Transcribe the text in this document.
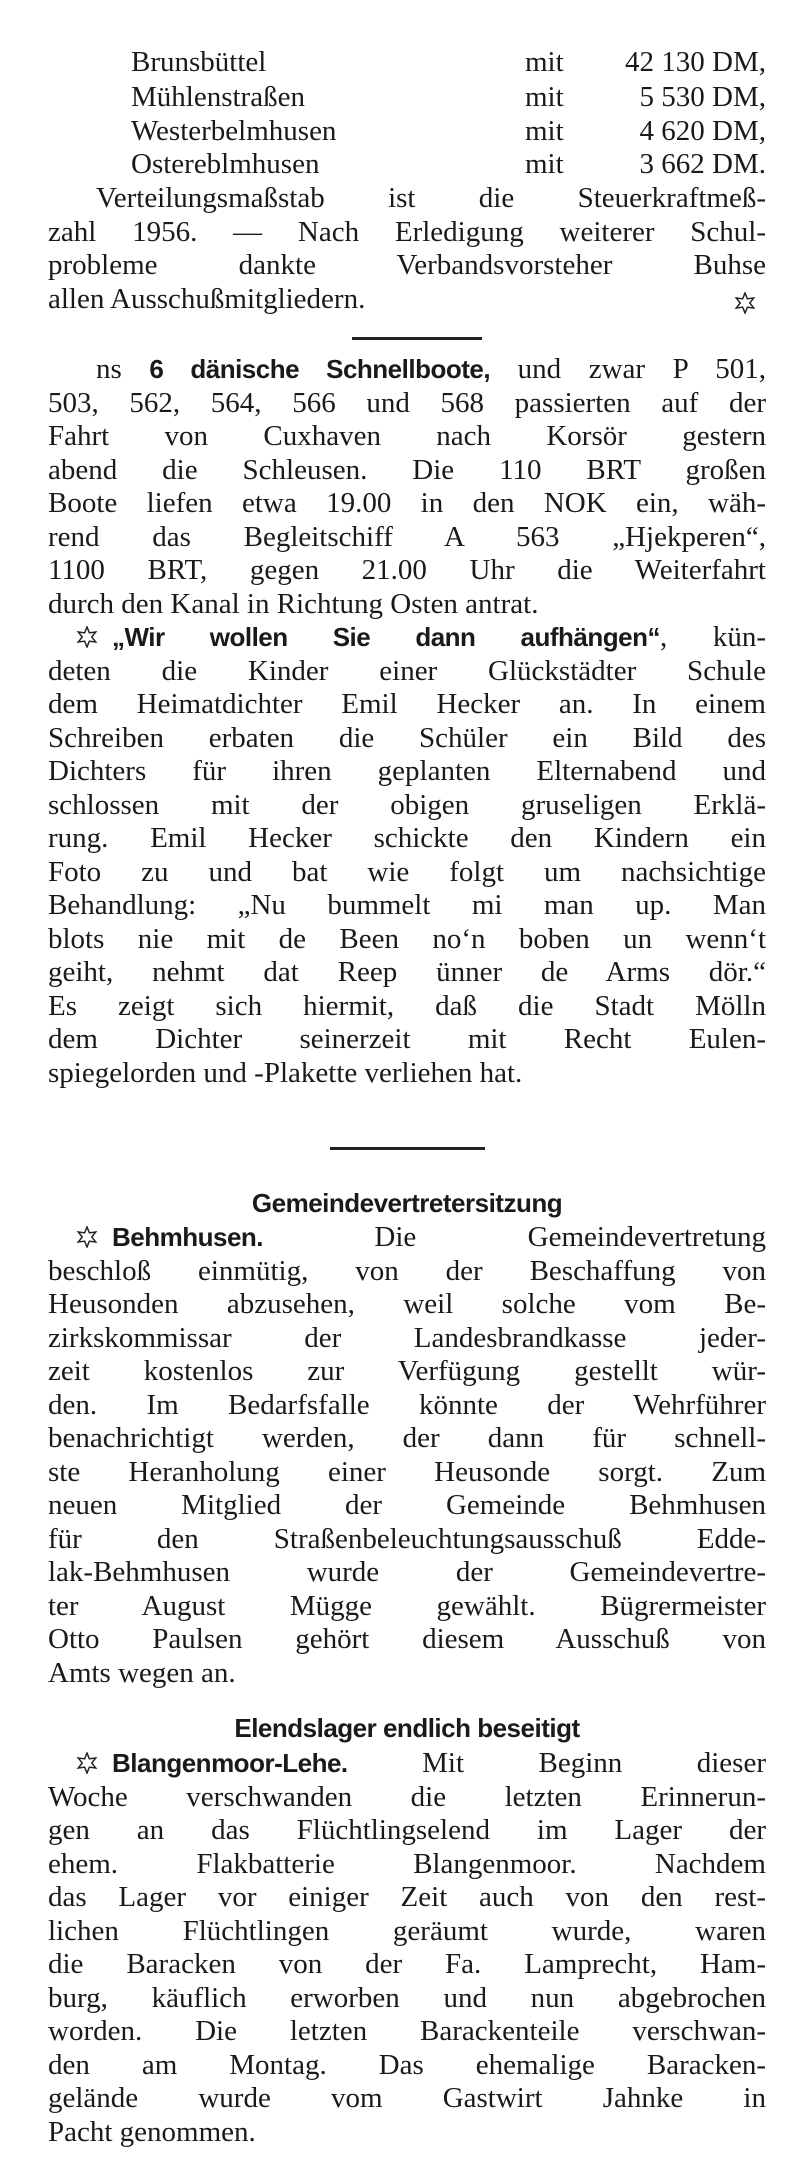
Brunsbüttel	mit 42 130 DM,
Mühlenstraßen	mit	5 530 DM,
Westerbelmhusen	mit	4 620 DM,
Ostereblmhusen	mit	3 662 DM.
Verteilungsmaßstab ist die Steuerkraftmeß-
zahl 1956. — Nach Erledigung weiterer Schul-
probleme dankte Verbandsvorsteher Buhse
allen Ausschußmitgliedern.
ns 6 dänische Schnellboote, und zwar P 501,
503, 562, 564, 566 und 568 passierten auf der
Fahrt von Cuxhaven nach Korsör gestern
abend die Schleusen. Die 110 BRT großen
Boote liefen etwa 19.00 in den NOK ein, wäh-
rend das Begleitschiff A 563 „Hjekperen“,
1100 BRT, gegen 21.00 Uhr die Weiterfahrt
durch den Kanal in Richtung Osten antrat.
„Wir wollen Sie dann aufhängen“, kün-
deten die Kinder einer Glückstädter Schule
dem Heimatdichter Emil Hecker an. In einem
Schreiben erbaten die Schüler ein Bild des
Dichters für ihren geplanten Elternabend und
schlossen mit der obigen gruseligen Erklä-
rung. Emil Hecker schickte den Kindern ein
Foto zu und bat wie folgt um nachsichtige
Behandlung: „Nu bummelt mi man up. Man
blots nie mit de Been no‘n boben un wenn‘t
geiht, nehmt dat Reep ünner de Arms dör.“
Es zeigt sich hiermit, daß die Stadt Mölln
dem Dichter seinerzeit mit Recht Eulen-
spiegelorden und -Plakette verliehen hat.
Gemeindevertretersitzung
Behmhusen. Die Gemeindevertretung
beschloß einmütig, von der Beschaffung von
Heusonden abzusehen, weil solche vom Be-
zirkskommissar der Landesbrandkasse jeder-
zeit kostenlos zur Verfügung gestellt wür-
den. Im Bedarfsfalle könnte der Wehrführer
benachrichtigt werden, der dann für schnell-
ste Heranholung einer Heusonde sorgt. Zum
neuen Mitglied der Gemeinde Behmhusen
für den Straßenbeleuchtungsausschuß Edde-
lak-Behmhusen wurde der Gemeindevertre-
ter August Mügge gewählt. Bügrermeister
Otto Paulsen gehört diesem Ausschuß von
Amts wegen an.
Elendslager endlich beseitigt
Blangenmoor-Lehe. Mit Beginn dieser
Woche verschwanden die letzten Erinnerun-
gen an das Flüchtlingselend im Lager der
ehem. Flakbatterie Blangenmoor. Nachdem
das Lager vor einiger Zeit auch von den rest-
lichen Flüchtlingen geräumt wurde, waren
die Baracken von der Fa. Lamprecht, Ham-
burg, käuflich erworben und nun abgebrochen
worden. Die letzten Barackenteile verschwan-
den am Montag. Das ehemalige Baracken-
gelände wurde vom Gastwirt Jahnke in
Pacht genommen.
